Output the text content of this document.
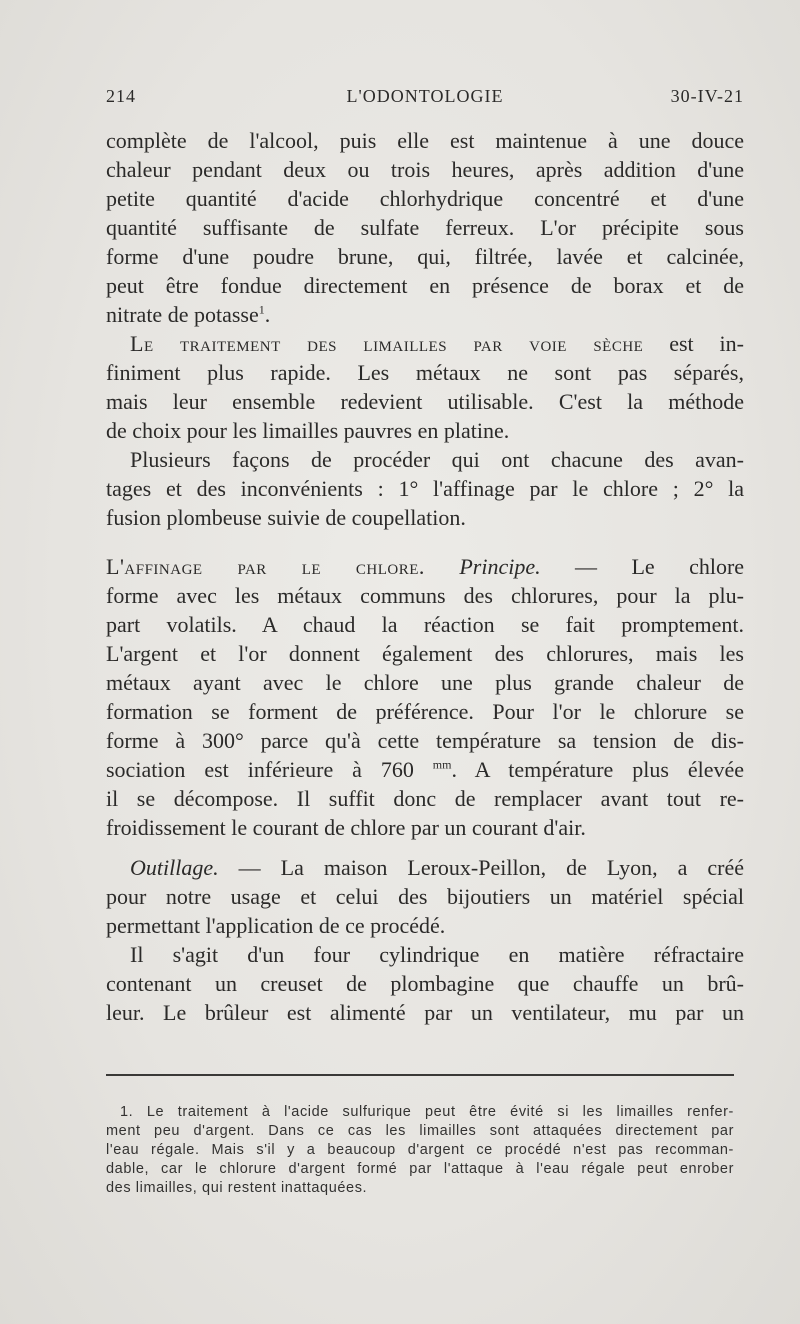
214	L'ODONTOLOGIE	30-IV-21
complète de l'alcool, puis elle est maintenue à une douce
chaleur pendant deux ou trois heures, après addition d'une
petite quantité d'acide chlorhydrique concentré et d'une
quantité suffisante de sulfate ferreux. L'or précipite sous
forme d'une poudre brune, qui, filtrée, lavée et calcinée,
peut être fondue directement en présence de borax et de
nitrate de potasse$^1$.
Le traitement des limailles par voie sèche est in-
finiment plus rapide. Les métaux ne sont pas séparés,
mais leur ensemble redevient utilisable. C'est la méthode
de choix pour les limailles pauvres en platine.
Plusieurs façons de procéder qui ont chacune des avan-
tages et des inconvénients : 1° l'affinage par le chlore ; 2° la
fusion plombeuse suivie de coupellation.
L'affinage par le chlore. Principe. — Le chlore
forme avec les métaux communs des chlorures, pour la plu-
part volatils. A chaud la réaction se fait promptement.
L'argent et l'or donnent également des chlorures, mais les
métaux ayant avec le chlore une plus grande chaleur de
formation se forment de préférence. Pour l'or le chlorure se
forme à 300° parce qu'à cette température sa tension de dis-
sociation est inférieure à 760 $^{mm}$. A température plus élevée
il se décompose. Il suffit donc de remplacer avant tout re-
froidissement le courant de chlore par un courant d'air.
Outillage. — La maison Leroux-Peillon, de Lyon, a créé
pour notre usage et celui des bijoutiers un matériel spécial
permettant l'application de ce procédé.
Il s'agit d'un four cylindrique en matière réfractaire
contenant un creuset de plombagine que chauffe un brû-
leur. Le brûleur est alimenté par un ventilateur, mu par un
1. Le traitement à l'acide sulfurique peut être évité si les limailles renfer-
ment peu d'argent. Dans ce cas les limailles sont attaquées directement par
l'eau régale. Mais s'il y a beaucoup d'argent ce procédé n'est pas recomman-
dable, car le chlorure d'argent formé par l'attaque à l'eau régale peut enrober
des limailles, qui restent inattaquées.
